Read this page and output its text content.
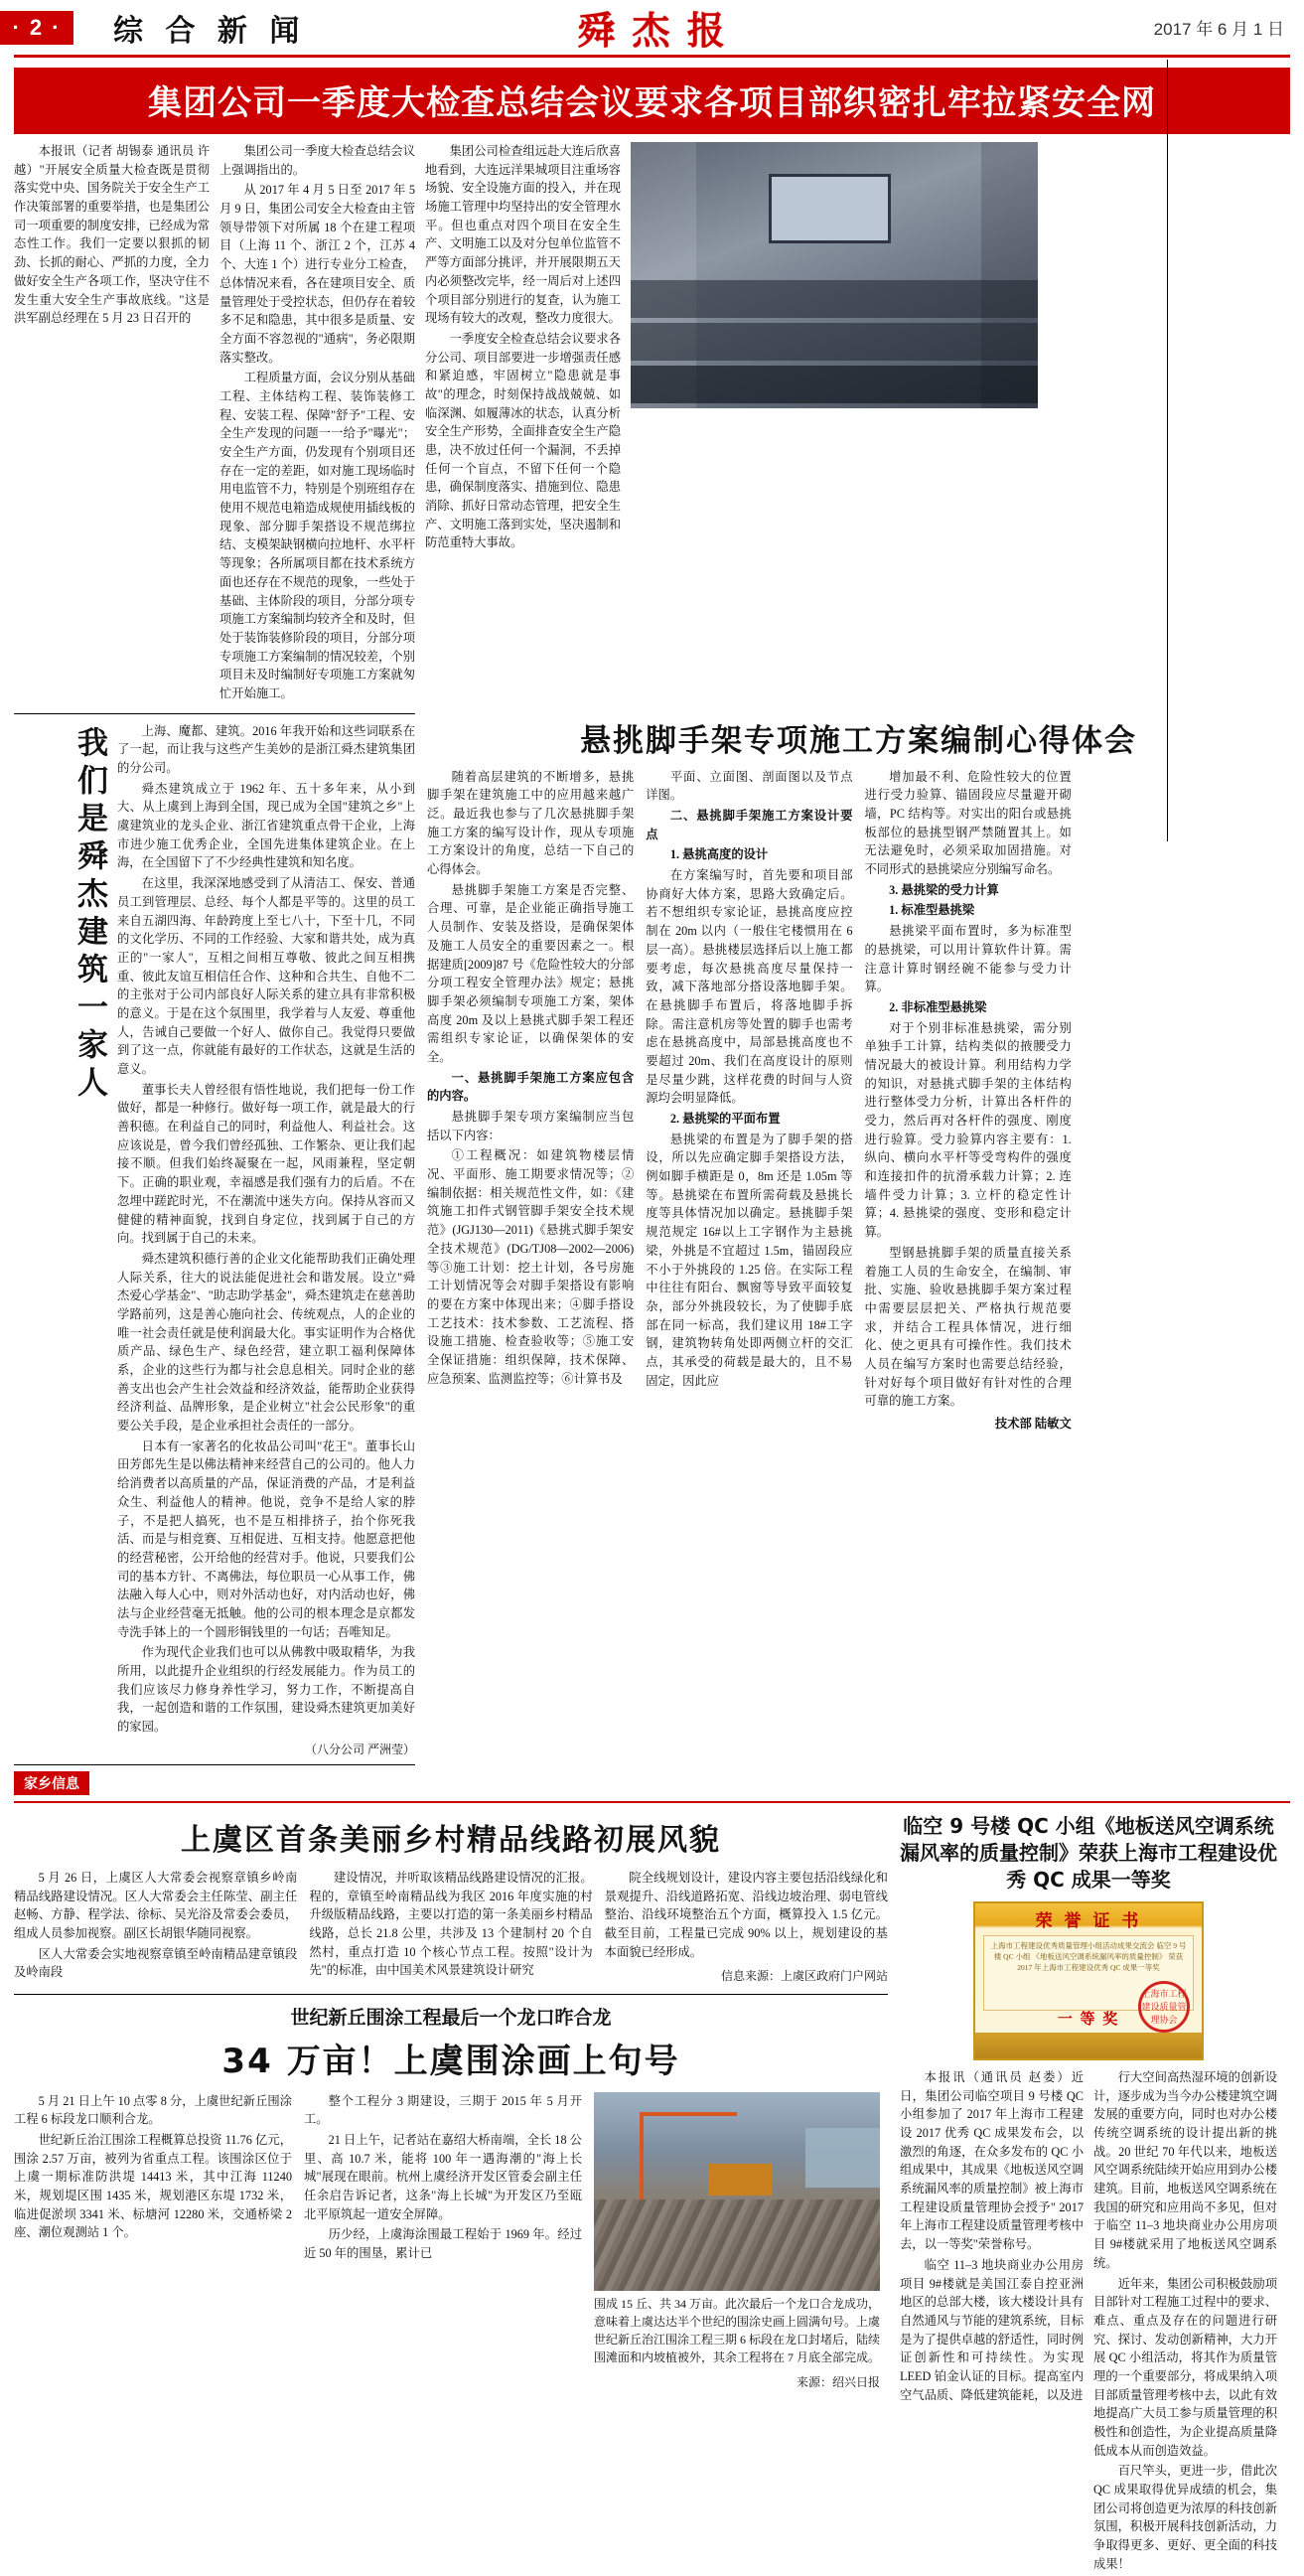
· 2 ·	综 合 新 闻	舜 杰 报	2017 年 6 月 1 日
集团公司一季度大检查总结会议要求各项目部织密扎牢拉紧安全网

本报讯（记者 胡锡泰 通讯员 许越）"开展安全质量大检查既是贯彻落实党中央、国务院关于安全生产工作决策部署的重要举措，也是集团公司一项重要的制度安排，已经成为常态性工作。我们一定要以狠抓的韧劲、长抓的耐心、严抓的力度，全力做好安全生产各项工作，坚决守住不发生重大安全生产事故底线。"这是洪军副总经理在 5 月 23 日召开的

集团公司一季度大检查总结会议上强调指出的。

从 2017 年 4 月 5 日至 2017 年 5 月 9 日，集团公司安全大检查由主管领导带领下对所属 18 个在建工程项目（上海 11 个、浙江 2 个，江苏 4 个、大连 1 个）进行专业分工检查，总体情况来看，各在建项目安全、质量管理处于受控状态，但仍存在着较多不足和隐患，其中很多是质量、安全方面不容忽视的"通病"，务必限期落实整改。

工程质量方面，会议分别从基础工程、主体结构工程、装饰装修工程、安装工程、保障"舒予"工程、安全生产发现的问题一一给予"曝光"；安全生产方面，仍发现有个别项目还存在一定的差距，如对施工现场临时用电监管不力，特别是个别班组存在使用不规范电箱造成规使用插线板的现象、部分脚手架搭设不规范绑拉结、支模架缺钢横向拉地杆、水平杆等现象；各所属项目都在技术系统方面也还存在不规范的现象，一些处于基础、主体阶段的项目，分部分项专项施工方案编制均较齐全和及时，但处于装饰装修阶段的项目，分部分项专项施工方案编制的情况较差，个别项目未及时编制好专项施工方案就匆忙开始施工。

集团公司检查组远赴大连后欣喜地看到，大连远洋果城项目注重场容场貌、安全设施方面的投入，并在现场施工管理中均坚持出的安全管理水平。但也重点对四个项目在安全生产、文明施工以及对分包单位监管不严等方面部分挑评，并开展限期五天内必须整改完毕，经一周后对上述四个项目部分别进行的复查，认为施工现场有较大的改观，整改力度很大。

一季度安全检查总结会议要求各分公司、项目部要进一步增强责任感和紧迫感，牢固树立"隐患就是事故"的理念，时刻保持战战兢兢、如临深渊、如履薄冰的状态，认真分析安全生产形势，全面排查安全生产隐患，决不放过任何一个漏洞，不丢掉任何一个盲点，不留下任何一个隐患，确保制度落实、措施到位、隐患消除、抓好日常动态管理，把安全生产、文明施工落到实处，坚决遏制和防范重特大事故。

我们是舜杰建筑一家人	上海、魔都、建筑。2016 年我开始和这些词联系在了一起，而让我与这些产生美妙的是浙江舜杰建筑集团的分公司。

舜杰建筑成立于 1962 年、五十多年来，从小到大、从上虞到上海到全国，现已成为全国"建筑之乡"上虞建筑业的龙头企业、浙江省建筑重点骨干企业，上海市进少施工优秀企业，全国先进集体建筑企业。在上海，在全国留下了不少经典性建筑和知名度。

在这里，我深深地感受到了从清洁工、保安、普通员工到管理层、总经、每个人都是平等的。这里的员工来自五湖四海、年龄跨度上至七八十，下至十几，不同的文化学历、不同的工作经验、大家和谐共处，成为真正的"一家人"，互相之间相互尊敬、彼此之间互相携重、彼此友谊互相信任合作、这种和合共生、自他不二的主张对于公司内部良好人际关系的建立具有非常积极的意义。于是在这个氛围里，我学着与人友爱、尊重他人，告诫自己要做一个好人、做你自己。我觉得只要做到了这一点，你就能有最好的工作状态，这就是生活的意义。

董事长夫人曾经很有悟性地说，我们把每一份工作做好，都是一种修行。做好每一项工作，就是最大的行善积德。在利益自己的同时，利益他人、利益社会。这应该说是，曾今我们曾经孤独、工作繁杂、更让我们起接不顺。但我们始终凝聚在一起，风雨兼程，坚定朝下。正确的职业观，幸福感是我们强有力的后盾。不在忽埋中蹉跎时光，不在潮流中迷失方向。保持从容而又健健的精神面貌，找到自身定位，找到属于自己的方向。找到属于自己的未来。

舜杰建筑积德行善的企业文化能帮助我们正确处理人际关系，往大的说法能促进社会和谐发展。设立"舜杰爱心学基金"、"助志助学基金"，舜杰建筑走在慈善助学路前列，这是善心施向社会、传统观点，人的企业的唯一社会责任就是使利润最大化。事实证明作为合格优质产品、绿色生产、绿色经营，建立职工福利保障体系，企业的这些行为都与社会息息相关。同时企业的慈善支出也会产生社会效益和经济效益，能帮助企业获得经济利益、品牌形象，是企业树立"社会公民形象"的重要公关手段，是企业承担社会责任的一部分。

日本有一家著名的化妆品公司叫"花王"。董事长山田芳郎先生是以佛法精神来经营自己的公司的。他人力给消费者以高质量的产品，保证消费的产品，才是利益众生、利益他人的精神。他说，竞争不是给人家的脖子，不是把人搞死，也不是互相排挤子，抬个你死我活、而是与相竞赛、互相促进、互相支持。他愿意把他的经营秘密，公开给他的经营对手。他说，只要我们公司的基本方针、不离佛法，每位职员一心从事工作，佛法融入每人心中，则对外活动也好，对内活动也好，佛法与企业经营毫无抵触。他的公司的根本理念是京都发寺洗手钵上的一个圆形铜钱里的一句话；吾唯知足。

作为现代企业我们也可以从佛教中吸取精华，为我所用，以此提升企业组织的行经发展能力。作为员工的我们应该尽力修身养性学习，努力工作，不断提高自我，一起创造和谐的工作氛围，建设舜杰建筑更加美好的家园。

（八分公司 严洲莹）
悬挑脚手架专项施工方案编制心得体会

随着高层建筑的不断增多，悬挑脚手架在建筑施工中的应用越来越广泛。最近我也参与了几次悬挑脚手架施工方案的编写设计作，现从专项施工方案设计的角度，总结一下自己的心得体会。

悬挑脚手架施工方案是否完整、合理、可靠，是企业能正确指导施工人员制作、安装及搭设，是确保架体及施工人员安全的重要因素之一。根据建质[2009]87 号《危险性较大的分部分项工程安全管理办法》规定；悬挑脚手架必须编制专项施工方案，架体高度 20m 及以上悬挑式脚手架工程还需组织专家论证，以确保架体的安全。

一、悬挑脚手架施工方案应包含的内容。

悬挑脚手架专项方案编制应当包括以下内容：

①工程概况：如建筑物楼层情况、平面形、施工期要求情况等；②编制依据：相关规范性文件，如：《建筑施工扣件式钢管脚手架安全技术规范》(JGJ130—2011)《悬挑式脚手架安全技术规范》(DG/TJ08—2002—2006)等③施工计划：挖土计划，各号房施工计划情况等会对脚手架搭设有影响的要在方案中体现出来；④脚手搭设工艺技术：技术参数、工艺流程、搭设施工措施、检查验收等；⑤施工安全保证措施：组织保障，技术保障、应急预案、监测监控等；⑥计算书及

平面、立面图、剖面图以及节点详图。

二、悬挑脚手架施工方案设计要点

1. 悬挑高度的设计

在方案编写时，首先要和项目部协商好大体方案，思路大致确定后。若不想组织专家论证，悬挑高度应控制在 20m 以内（一般住宅楼惯用在 6 层一高）。悬挑楼层选择后以上施工都要考虑，每次悬挑高度尽量保持一致，减下落地部分搭设落地脚手架。在悬挑脚手布置后，将落地脚手拆除。需注意机房等处置的脚手也需考虑在悬挑高度中，局部悬挑高度也不要超过 20m、我们在高度设计的原则是尽量少跳，这样花费的时间与人资源均会明显降低。

2. 悬挑梁的平面布置

悬挑梁的布置是为了脚手架的搭设，所以先应确定脚手架搭设方法，例如脚手横距是 0，8m 还是 1.05m 等等。悬挑梁在布置所需荷载及悬挑长度等具体情况加以确定。悬挑脚手架规范规定 16#以上工字钢作为主悬挑梁，外挑是不宜超过 1.5m，锚固段应不小于外挑段的 1.25 倍。在实际工程中往往有阳台、飘窗等导致平面较复杂，部分外挑段较长，为了使脚手底部在同一标高，我们建议用 18#工字钢，建筑物转角处即两侧立杆的交汇点，其承受的荷载是最大的，且不易固定，因此应

增加最不利、危险性较大的位置进行受力验算、锚固段应尽量避开砌墙，PC 结构等。对实出的阳台或悬挑板部位的悬挑型钢严禁随置其上。如无法避免时，必须采取加固措施。对不同形式的悬挑梁应分别编写命名。

3. 悬挑梁的受力计算

1. 标准型悬挑梁

悬挑梁平面布置时，多为标准型的悬挑梁，可以用计算软件计算。需注意计算时钢经碗不能参与受力计算。

2. 非标准型悬挑梁

对于个别非标准悬挑梁，需分别单独手工计算，结构类似的掖腰受力情况最大的被设计算。利用结构力学的知识，对悬挑式脚手架的主体结构进行整体受力分析，计算出各杆件的受力，然后再对各杆件的强度、刚度进行验算。受力验算内容主要有：1. 纵向、横向水平杆等受弯构件的强度和连接扣件的抗滑承载力计算；2. 连墙件受力计算；3. 立杆的稳定性计算；4. 悬挑梁的强度、变形和稳定计算。

型钢悬挑脚手架的质量直接关系着施工人员的生命安全，在编制、审批、实施、验收悬挑脚手架方案过程中需要层层把关、严格执行规范要求，并结合工程具体情况，进行细化、使之更具有可操作性。我们技术人员在编写方案时也需要总结经验，针对好每个项目做好有针对性的合理可靠的施工方案。

技术部 陆敏文
家乡信息
上虞区首条美丽乡村精品线路初展风貌

5 月 26 日，上虞区人大常委会视察章镇乡岭南精品线路建设情况。区人大常委会主任陈莹、副主任赵畅、方静、程学法、徐标、吴光浴及常委会委员，组成人员参加视察。副区长胡银华随同视察。

区人大常委会实地视察章镇至岭南精品建章镇段及岭南段

建设情况，并听取该精品线路建设情况的汇报。程的，章镇至岭南精品线为我区 2016 年度实施的村升级版精品线路，主要以打造的第一条美丽乡村精品线路，总长 21.8 公里，共涉及 13 个建制村 20 个自然村，重点打造 10 个核心节点工程。按照"设计为先"的标准，由中国美术风景建筑设计研究

院全线规划设计，建设内容主要包括沿线绿化和景观提升、沿线道路拓宽、沿线边坡治理、弱电管线整治、沿线环境整治五个方面，概算投入 1.5 亿元。截至目前，工程量已完成 90% 以上，规划建设的基本面貌已经形成。

信息来源：上虞区政府门户网站
世纪新丘围涂工程最后一个龙口昨合龙
34 万亩！上虞围涂画上句号

5 月 21 日上午 10 点零 8 分，上虞世纪新丘围涂工程 6 标段龙口顺利合龙。

世纪新丘治江围涂工程概算总投资 11.76 亿元，围涂 2.57 万亩，被列为省重点工程。该围涂区位于上虞一期标准防洪堤 14413 米，其中江海 11240 米，规划堤区围 1435 米，规划港区东堤 1732 米，临进促淤坝 3341 米、标塘河 12280 米，交通桥梁 2 座、潮位观测站 1 个。

整个工程分 3 期建设，三期于 2015 年 5 月开工。

21 日上午，记者站在嘉绍大桥南端，全长 18 公里、高 10.7 米，能将 100 年一遇海潮的"海上长城"展现在眼前。杭州上虞经济开发区管委会副主任任余启告诉记者，这条"海上长城"为开发区乃至瓯北平原筑起一道安全屏障。

历少经，上虞海涂围最工程始于 1969 年。经过近 50 年的围垦，累计已

围成 15 丘、共 34 万亩。此次最后一个龙口合龙成功，意味着上虞达达半个世纪的围涂史画上圆满句号。上虞世纪新丘治江围涂工程三期 6 标段在龙口封堵后，陆续围滩面和内坡植被外，其余工程将在 7 月底全部完成。
来源：绍兴日报
临空 9 号楼 QC 小组《地板送风空调系统漏风率的质量控制》荣获上海市工程建设优秀 QC 成果一等奖
荣 誉 证 书
上海市工程建设优秀质量管理小组活动成果交流会 临空 9 号楼 QC 小组 《地板送风空调系统漏风率的质量控制》 荣获 2017 年上海市工程建设优秀 QC 成果一等奖
上海市工程建设质量管理协会
一 等 奖

本报讯（通讯员 赵娄）近日，集团公司临空项目 9 号楼 QC 小组参加了 2017 年上海市工程建设 2017 优秀 QC 成果发布会，以激烈的角逐，在众多发布的 QC 小组成果中，其成果《地板送风空调系统漏风率的质量控制》被上海市工程建设质量管理协会授予" 2017 年上海市工程建设质量管理考核中去，以一等奖"荣誉称号。

临空 11–3 地块商业办公用房项目 9#楼就是美国江泰自控亚洲地区的总部大楼，该大楼设计具有自然通风与节能的建筑系统，目标是为了提供卓越的舒适性，同时例证创新性和可持续性。为实现 LEED 铂金认证的目标。提高室内空气品质、降低建筑能耗，以及进

行大空间高热湿环境的创新设计，逐步成为当今办公楼建筑空调发展的重要方向，同时也对办公楼传统空调系统的设计提出新的挑战。20 世纪 70 年代以来，地板送风空调系统陆续开始应用到办公楼建筑。目前，地板送风空调系统在我国的研究和应用尚不多见，但对于临空 11–3 地块商业办公用房项目 9#楼就采用了地板送风空调系统。

近年来，集团公司积极鼓励项目部针对工程施工过程中的要求、难点、重点及存在的问题进行研究、探讨、发动创新精神，大力开展 QC 小组活动，将其作为质量管理的一个重要部分，将成果纳入项目部质量管理考核中去，以此有效地提高广大员工参与质量管理的积极性和创造性，为企业提高质量降低成本从而创造效益。

百尺竿头，更进一步，借此次 QC 成果取得优异成绩的机会，集团公司将创造更为浓厚的科技创新氛围，积极开展科技创新活动，力争取得更多、更好、更全面的科技成果！
